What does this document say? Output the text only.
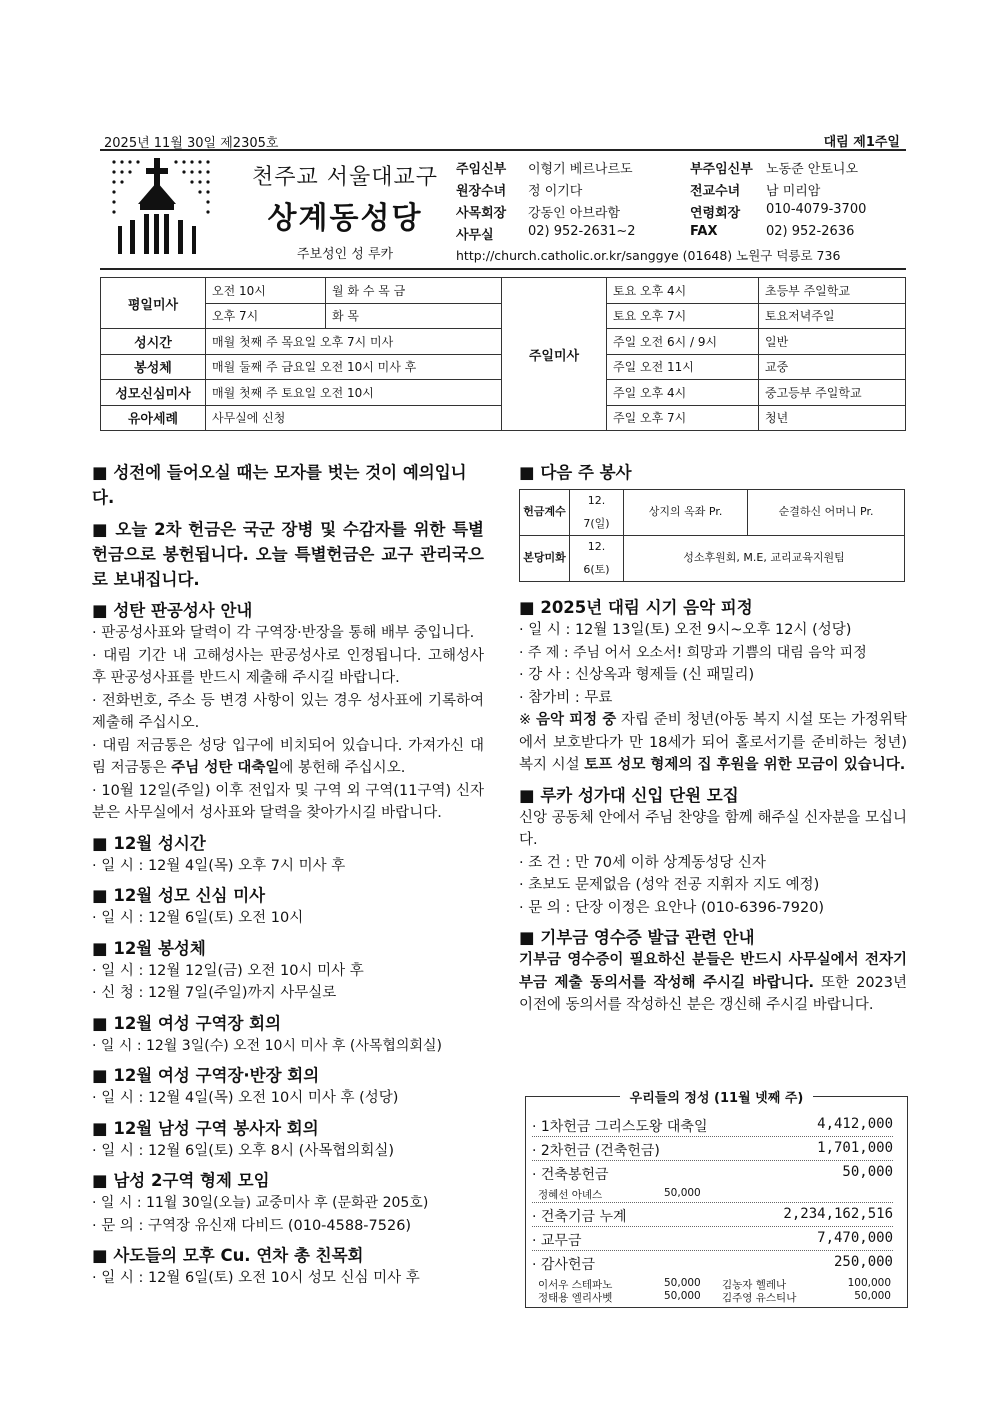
2025년 11월 30일 제2305호	대림 제1주일
천주교 서울대교구
상계동성당
주보성인 성 루카
주임신부 이형기 베르나르도	부주임신부 노동준 안토니오
원장수녀 정 이기다	전교수녀 남 미리암
사목회장 강동인 아브라함	연령회장 010-4079-3700
사무실	02) 952-2631~2	FAX	02) 952-2636
http://church.catholic.or.kr/sanggye (01648) 노원구 덕릉로 736
평일미사	오전 10시	월 화 수 목 금	주일미사	토요 오후 4시	초등부 주일학교
	오후 7시	화 목		토요 오후 7시	토요저녁주일
성시간	매월 첫째 주 목요일 오후 7시 미사			주일 오전 6시 / 9시	일반
봉성체	매월 둘째 주 금요일 오전 10시 미사 후			주일 오전 11시	교중
성모신심미사	매월 첫째 주 토요일 오전 10시			주일 오후 4시	중고등부 주일학교
유아세례	사무실에 신청			주일 오후 7시	청년
■ 성전에 들어오실 때는 모자를 벗는 것이 예의입니다.
■ 오늘 2차 헌금은 국군 장병 및 수감자를 위한 특별헌금으로 봉헌됩니다. 오늘 특별헌금은 교구 관리국으로 보내집니다.
■ 성탄 판공성사 안내
· 판공성사표와 달력이 각 구역장·반장을 통해 배부 중입니다.
· 대림 기간 내 고해성사는 판공성사로 인정됩니다. 고해성사 후 판공성사표를 반드시 제출해 주시길 바랍니다.
· 전화번호, 주소 등 변경 사항이 있는 경우 성사표에 기록하여 제출해 주십시오.
· 대림 저금통은 성당 입구에 비치되어 있습니다. 가져가신 대림 저금통은 주님 성탄 대축일에 봉헌해 주십시오.
· 10월 12일(주일) 이후 전입자 및 구역 외 구역(11구역) 신자분은 사무실에서 성사표와 달력을 찾아가시길 바랍니다.
■ 12월 성시간
· 일 시 : 12월 4일(목) 오후 7시 미사 후
■ 12월 성모 신심 미사
· 일 시 : 12월 6일(토) 오전 10시
■ 12월 봉성체
· 일 시 : 12월 12일(금) 오전 10시 미사 후
· 신 청 : 12월 7일(주일)까지 사무실로
■ 12월 여성 구역장 회의
· 일 시 : 12월 3일(수) 오전 10시 미사 후 (사목협의회실)
■ 12월 여성 구역장·반장 회의
· 일 시 : 12월 4일(목) 오전 10시 미사 후 (성당)
■ 12월 남성 구역 봉사자 회의
· 일 시 : 12월 6일(토) 오후 8시 (사목협의회실)
■ 남성 2구역 형제 모임
· 일 시 : 11월 30일(오늘) 교중미사 후 (문화관 205호)
· 문 의 : 구역장 유신재 다비드 (010-4588-7526)
■ 사도들의 모후 Cu. 연차 총 친목회
· 일 시 : 12월 6일(토) 오전 10시 성모 신심 미사 후
■ 다음 주 봉사
헌금계수	12. 7(일)	상지의 옥좌 Pr.	순결하신 어머니 Pr.
본당미화	12. 6(토)	성소후원회, M.E, 교리교육지원팀	
■ 2025년 대림 시기 음악 피정
· 일 시 : 12월 13일(토) 오전 9시~오후 12시 (성당)
· 주 제 : 주님 어서 오소서! 희망과 기쁨의 대림 음악 피정
· 강 사 : 신상옥과 형제들 (신 패밀리)
· 참가비 : 무료
※ 음악 피정 중 자립 준비 청년(아동 복지 시설 또는 가정위탁에서 보호받다가 만 18세가 되어 홀로서기를 준비하는 청년) 복지 시설 토프 성모 형제의 집 후원을 위한 모금이 있습니다.
■ 루카 성가대 신입 단원 모집
신앙 공동체 안에서 주님 찬양을 함께 해주실 신자분을 모십니다.
· 조 건 : 만 70세 이하 상계동성당 신자
· 초보도 문제없음 (성악 전공 지휘자 지도 예정)
· 문 의 : 단장 이정은 요안나 (010-6396-7920)
■ 기부금 영수증 발급 관련 안내
기부금 영수증이 필요하신 분들은 반드시 사무실에서 전자기부금 제출 동의서를 작성해 주시길 바랍니다. 또한 2023년 이전에 동의서를 작성하신 분은 갱신해 주시길 바랍니다.
우리들의 정성 (11월 넷째 주)
· 1차헌금 그리스도왕 대축일	4,412,000
· 2차헌금 (건축헌금)	1,701,000
· 건축봉헌금	50,000
정혜선 아녜스	50,000
· 건축기금 누계	2,234,162,516
· 교무금	7,470,000
· 감사헌금	250,000
이서우 스테파노	50,000 김농자 헬레나	100,000
정태용 엘리사벳	50,000 김주영 유스티나	50,000
